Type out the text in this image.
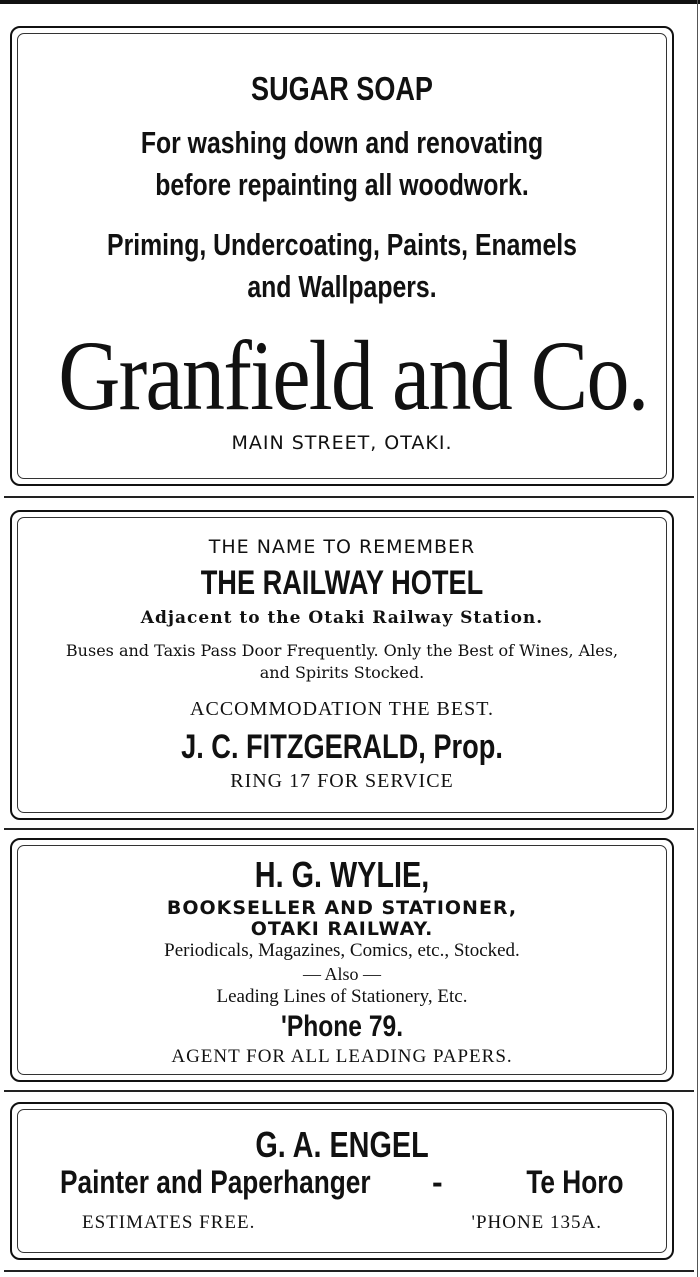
SUGAR SOAP
For washing down and renovating before repainting all woodwork.
Priming, Undercoating, Paints, Enamels and Wallpapers.
Granfield and Co.
MAIN STREET, OTAKI.
THE NAME TO REMEMBER
THE RAILWAY HOTEL
Adjacent to the Otaki Railway Station.
Buses and Taxis Pass Door Frequently. Only the Best of Wines, Ales, and Spirits Stocked.
ACCOMMODATION THE BEST.
J. C. FITZGERALD, Prop.
RING 17 FOR SERVICE
H. G. WYLIE,
BOOKSELLER AND STATIONER,
OTAKI RAILWAY.
Periodicals, Magazines, Comics, etc., Stocked.
— Also —
Leading Lines of Stationery, Etc.
'Phone 79.
AGENT FOR ALL LEADING PAPERS.
G. A. ENGEL
Painter and Paperhanger -	Te Horo
ESTIMATES FREE.	'PHONE 135A.
